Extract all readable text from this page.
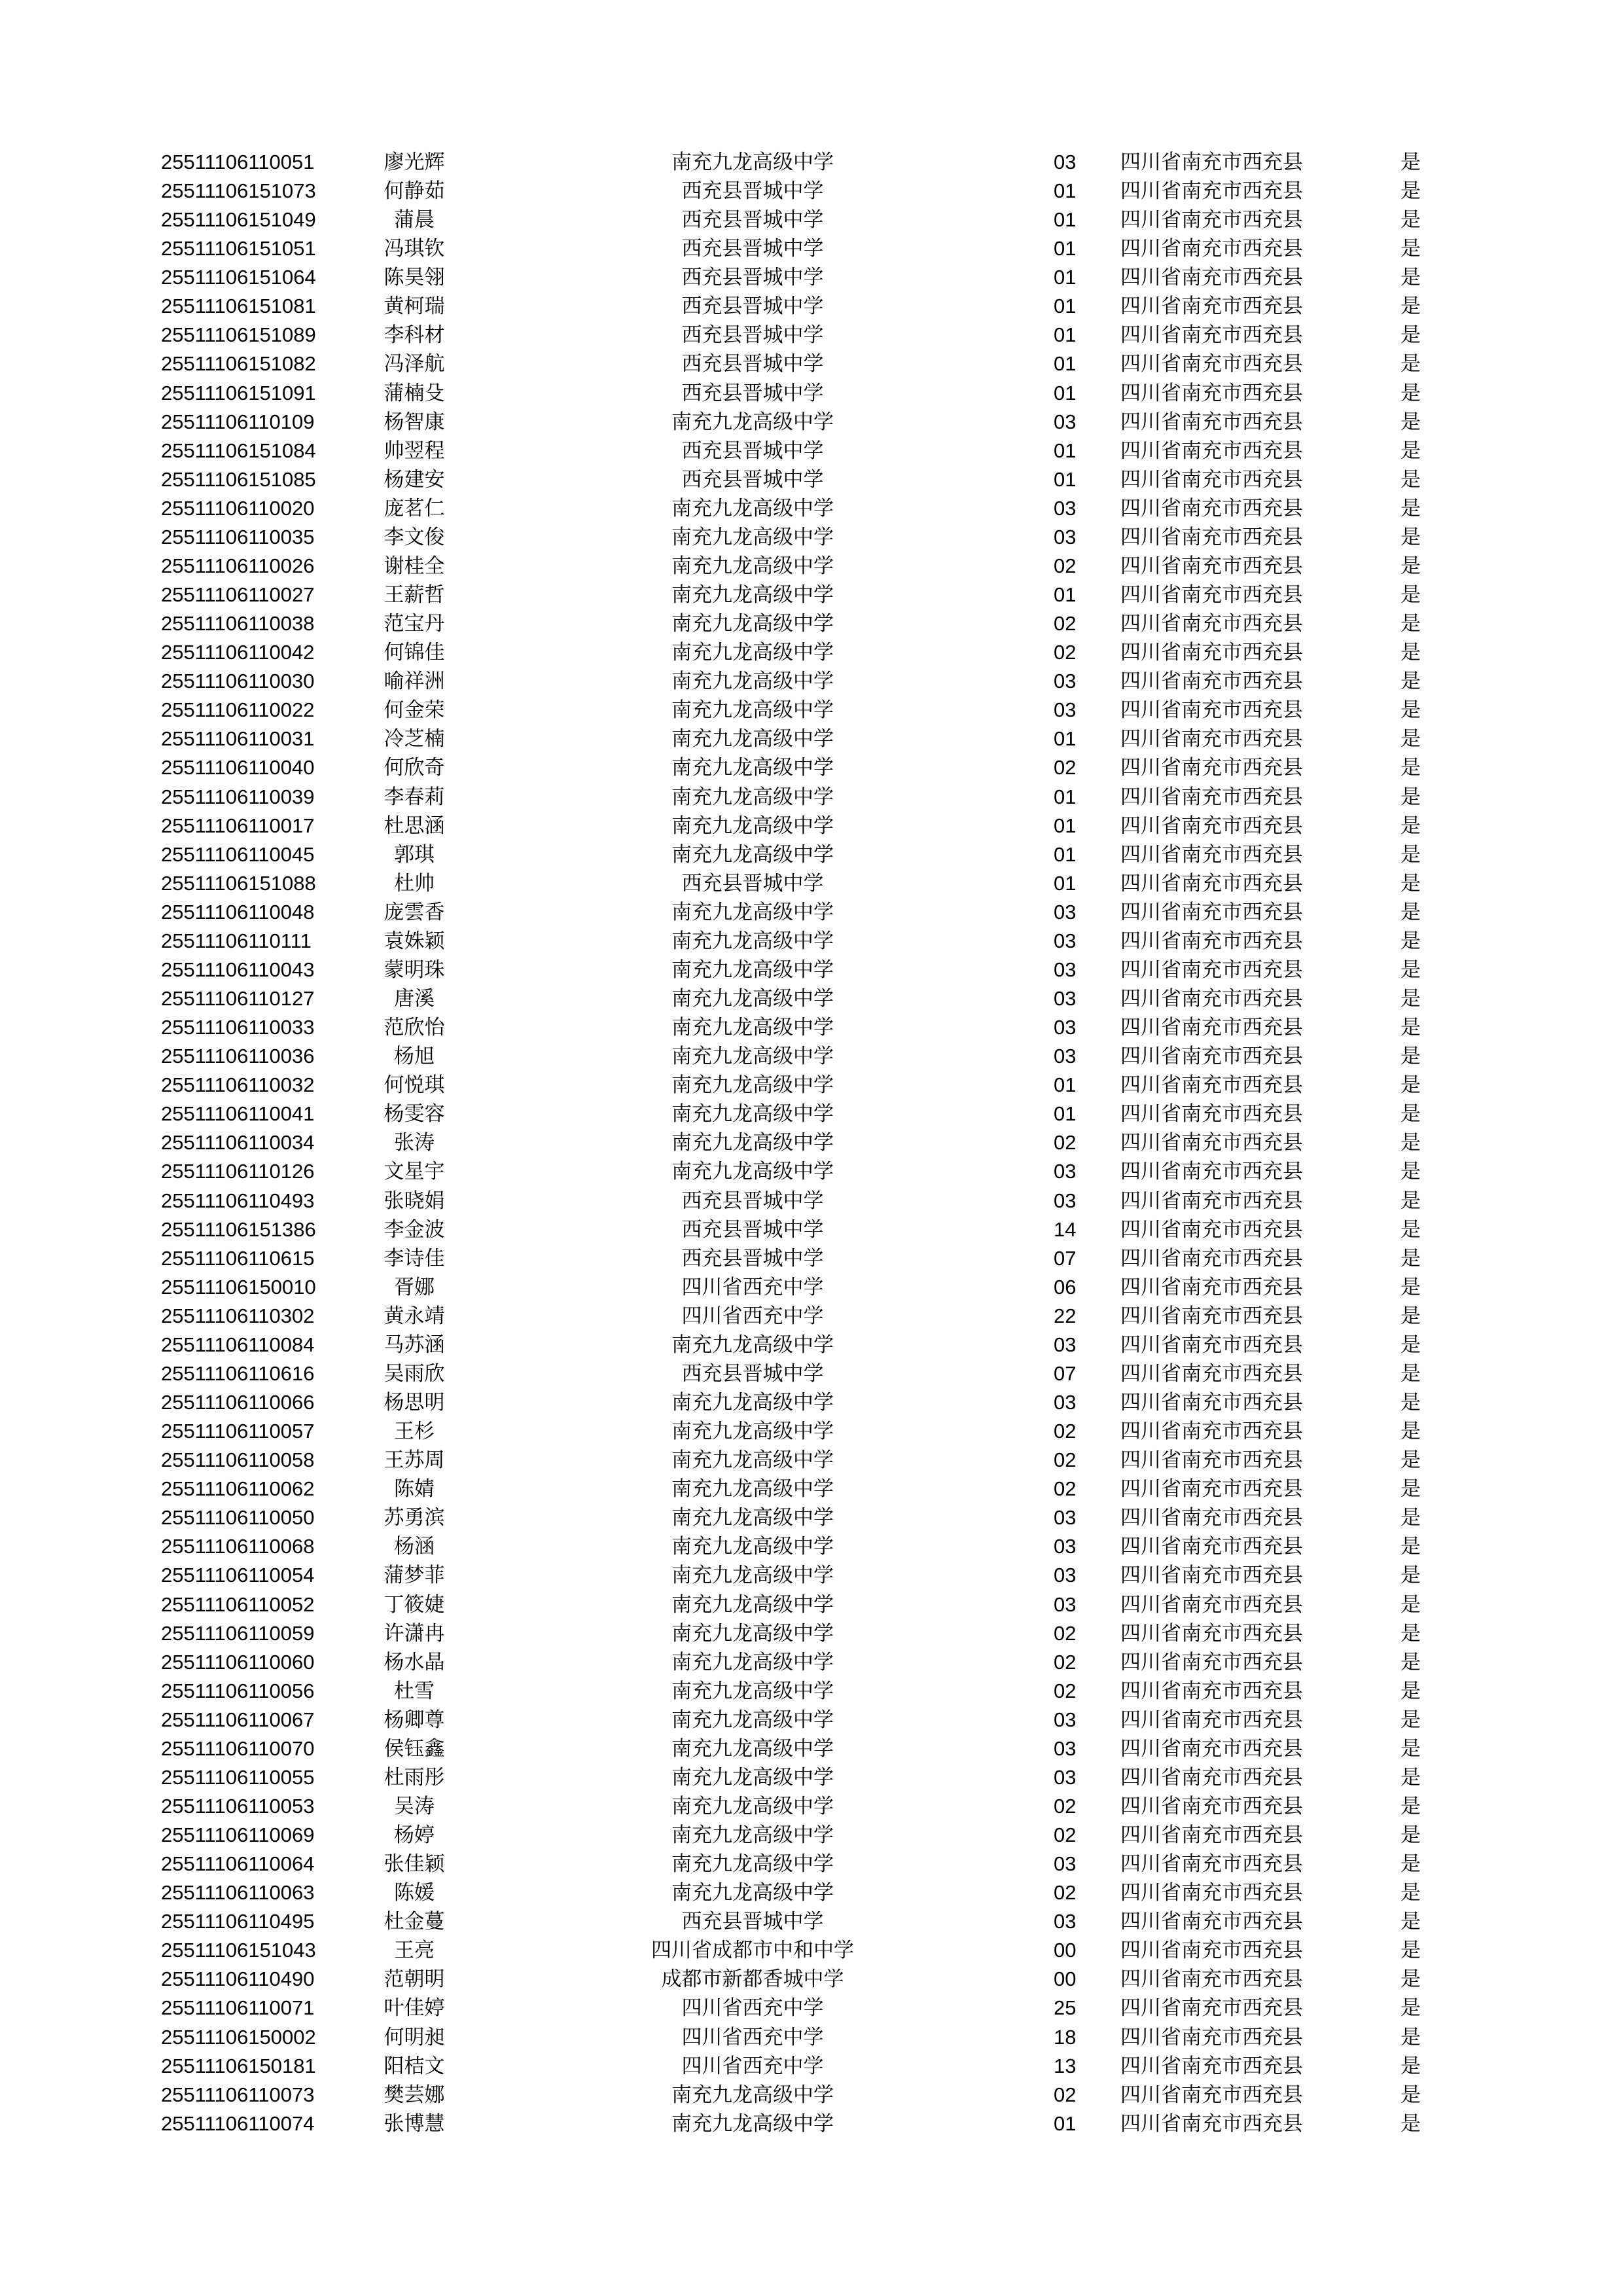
25511106110051	廖光辉	南充九龙高级中学	03 四川省南充市西充县	是
25511106151073	何静茹	西充县晋城中学	01 四川省南充市西充县	是
25511106151049	蒲晨	西充县晋城中学	01 四川省南充市西充县	是
25511106151051	冯琪钦	西充县晋城中学	01 四川省南充市西充县	是
25511106151064	陈昊翎	西充县晋城中学	01 四川省南充市西充县	是
25511106151081	黄柯瑞	西充县晋城中学	01 四川省南充市西充县	是
25511106151089	李科材	西充县晋城中学	01 四川省南充市西充县	是
25511106151082	冯泽航	西充县晋城中学	01 四川省南充市西充县	是
25511106151091	蒲楠殳	西充县晋城中学	01 四川省南充市西充县	是
25511106110109	杨智康	南充九龙高级中学	03 四川省南充市西充县	是
25511106151084	帅翌程	西充县晋城中学	01 四川省南充市西充县	是
25511106151085	杨建安	西充县晋城中学	01 四川省南充市西充县	是
25511106110020	庞茗仁	南充九龙高级中学	03 四川省南充市西充县	是
25511106110035	李文俊	南充九龙高级中学	03 四川省南充市西充县	是
25511106110026	谢桂全	南充九龙高级中学	02 四川省南充市西充县	是
25511106110027	王薪哲	南充九龙高级中学	01 四川省南充市西充县	是
25511106110038	范宝丹	南充九龙高级中学	02 四川省南充市西充县	是
25511106110042	何锦佳	南充九龙高级中学	02 四川省南充市西充县	是
25511106110030	喻祥洲	南充九龙高级中学	03 四川省南充市西充县	是
25511106110022	何金荣	南充九龙高级中学	03 四川省南充市西充县	是
25511106110031	冷芝楠	南充九龙高级中学	01 四川省南充市西充县	是
25511106110040	何欣奇	南充九龙高级中学	02 四川省南充市西充县	是
25511106110039	李春莉	南充九龙高级中学	01 四川省南充市西充县	是
25511106110017	杜思涵	南充九龙高级中学	01 四川省南充市西充县	是
25511106110045	郭琪	南充九龙高级中学	01 四川省南充市西充县	是
25511106151088	杜帅	西充县晋城中学	01 四川省南充市西充县	是
25511106110048	庞雲香	南充九龙高级中学	03 四川省南充市西充县	是
25511106110111	袁姝颖	南充九龙高级中学	03 四川省南充市西充县	是
25511106110043	蒙明珠	南充九龙高级中学	03 四川省南充市西充县	是
25511106110127	唐溪	南充九龙高级中学	03 四川省南充市西充县	是
25511106110033	范欣怡	南充九龙高级中学	03 四川省南充市西充县	是
25511106110036	杨旭	南充九龙高级中学	03 四川省南充市西充县	是
25511106110032	何悦琪	南充九龙高级中学	01 四川省南充市西充县	是
25511106110041	杨雯容	南充九龙高级中学	01 四川省南充市西充县	是
25511106110034	张涛	南充九龙高级中学	02 四川省南充市西充县	是
25511106110126	文星宇	南充九龙高级中学	03 四川省南充市西充县	是
25511106110493	张晓娟	西充县晋城中学	03 四川省南充市西充县	是
25511106151386	李金波	西充县晋城中学	14 四川省南充市西充县	是
25511106110615	李诗佳	西充县晋城中学	07 四川省南充市西充县	是
25511106150010	胥娜	四川省西充中学	06 四川省南充市西充县	是
25511106110302	黄永靖	四川省西充中学	22 四川省南充市西充县	是
25511106110084	马苏涵	南充九龙高级中学	03 四川省南充市西充县	是
25511106110616	吴雨欣	西充县晋城中学	07 四川省南充市西充县	是
25511106110066	杨思明	南充九龙高级中学	03 四川省南充市西充县	是
25511106110057	王杉	南充九龙高级中学	02 四川省南充市西充县	是
25511106110058	王苏周	南充九龙高级中学	02 四川省南充市西充县	是
25511106110062	陈婧	南充九龙高级中学	02 四川省南充市西充县	是
25511106110050	苏勇滨	南充九龙高级中学	03 四川省南充市西充县	是
25511106110068	杨涵	南充九龙高级中学	03 四川省南充市西充县	是
25511106110054	蒲梦菲	南充九龙高级中学	03 四川省南充市西充县	是
25511106110052	丁筱婕	南充九龙高级中学	03 四川省南充市西充县	是
25511106110059	许潇冉	南充九龙高级中学	02 四川省南充市西充县	是
25511106110060	杨水晶	南充九龙高级中学	02 四川省南充市西充县	是
25511106110056	杜雪	南充九龙高级中学	02 四川省南充市西充县	是
25511106110067	杨卿尊	南充九龙高级中学	03 四川省南充市西充县	是
25511106110070	侯钰鑫	南充九龙高级中学	03 四川省南充市西充县	是
25511106110055	杜雨彤	南充九龙高级中学	03 四川省南充市西充县	是
25511106110053	吴涛	南充九龙高级中学	02 四川省南充市西充县	是
25511106110069	杨婷	南充九龙高级中学	02 四川省南充市西充县	是
25511106110064	张佳颖	南充九龙高级中学	03 四川省南充市西充县	是
25511106110063	陈媛	南充九龙高级中学	02 四川省南充市西充县	是
25511106110495	杜金蔓	西充县晋城中学	03 四川省南充市西充县	是
25511106151043	王亮	四川省成都市中和中学	00 四川省南充市西充县	是
25511106110490	范朝明	成都市新都香城中学	00 四川省南充市西充县	是
25511106110071	叶佳婷	四川省西充中学	25 四川省南充市西充县	是
25511106150002	何明昶	四川省西充中学	18 四川省南充市西充县	是
25511106150181	阳桔文	四川省西充中学	13 四川省南充市西充县	是
25511106110073	樊芸娜	南充九龙高级中学	02 四川省南充市西充县	是
25511106110074	张博慧	南充九龙高级中学	01 四川省南充市西充县	是
